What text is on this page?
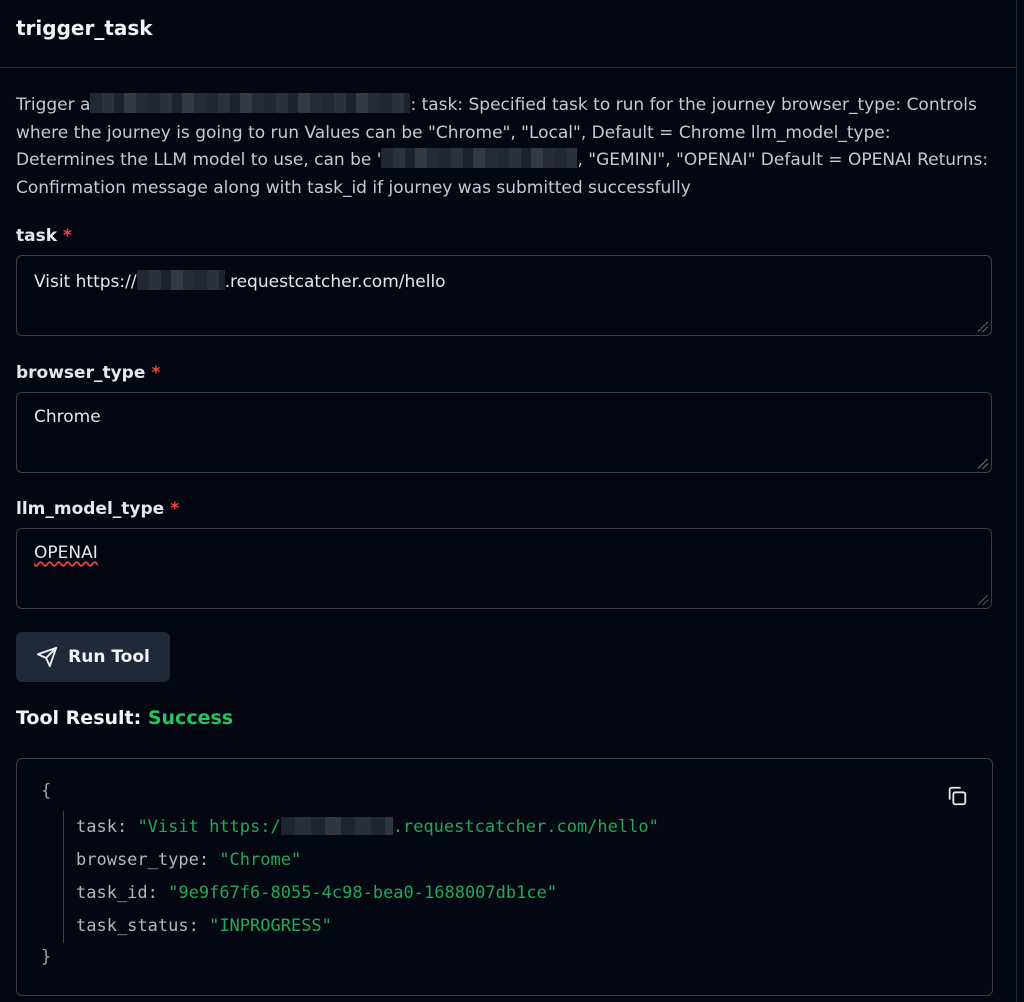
trigger_task
Trigger a	: task: Specified task to run for the journey browser_type: Controls where the journey is going to run Values can be "Chrome", "Local", Default = Chrome llm_model_type: Determines the LLM model to use, can be '	, "GEMINI", "OPENAI" Default = OPENAI Returns: Confirmation message along with task_id if journey was submitted successfully
task *
Visit https://	.requestcatcher.com/hello
browser_type *
Chrome
llm_model_type *
OPENAI
Run Tool
Tool Result: Success
{
task: "Visit https:/	.requestcatcher.com/hello"
browser_type: "Chrome"
task_id: "9e9f67f6-8055-4c98-bea0-1688007db1ce"
task_status: "INPROGRESS"
}
